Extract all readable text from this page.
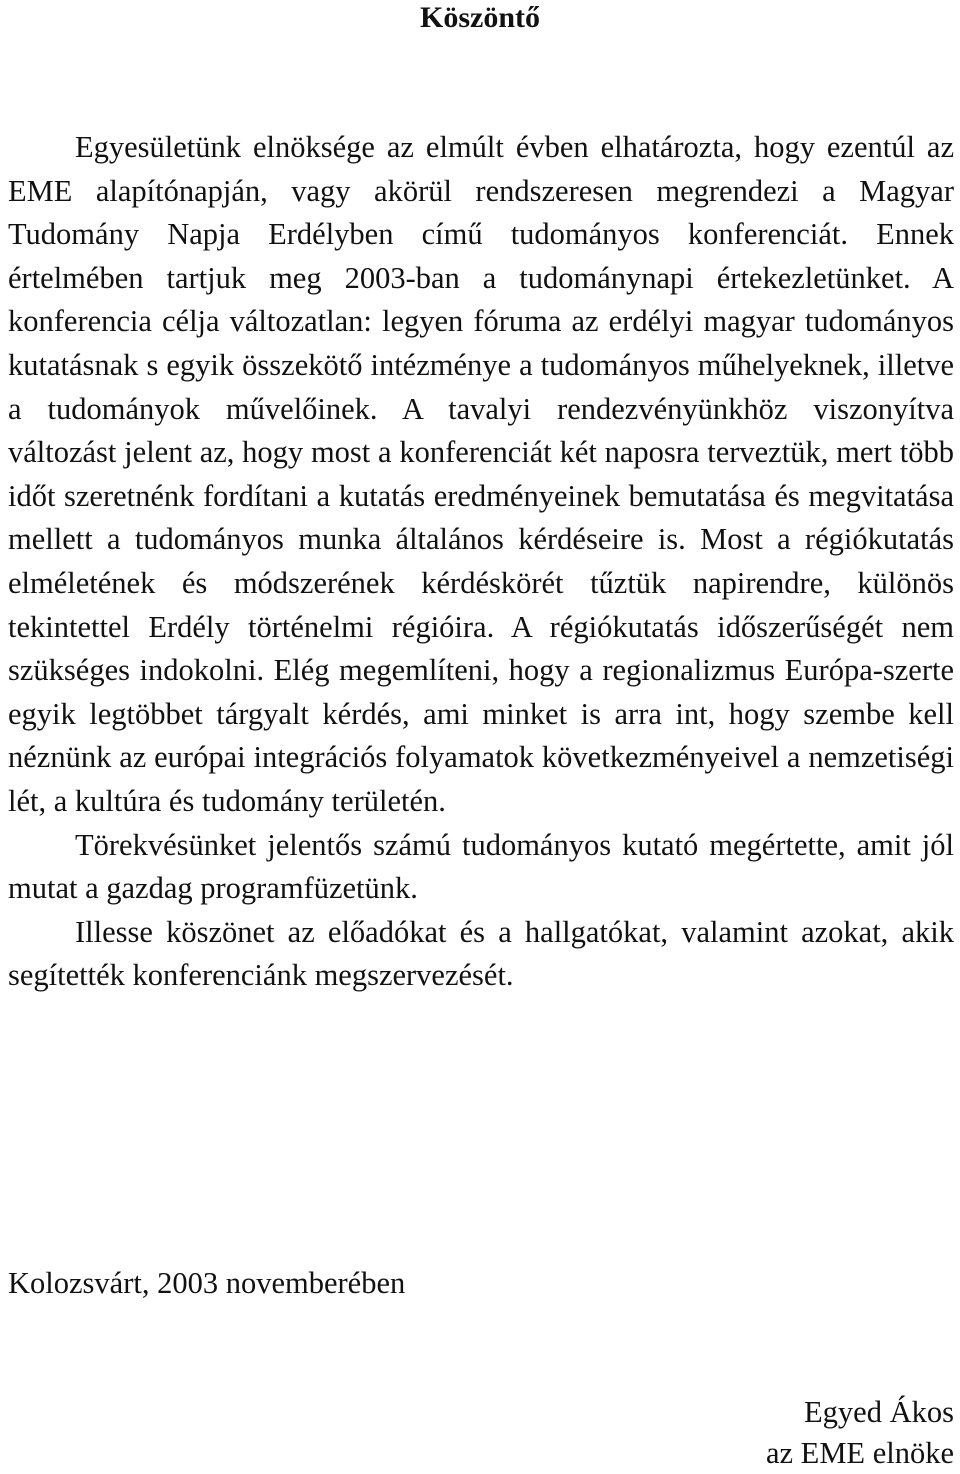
Köszöntő

Egyesületünk elnöksége az elmúlt évben elhatározta, hogy ezentúl az EME alapítónapján, vagy akörül rendszeresen megrendezi a Magyar Tudomány Napja Erdélyben című tudományos konferenciát. Ennek értelmében tartjuk meg 2003-ban a tudománynapi értekezletünket. A konferencia célja változatlan: legyen fóruma az erdélyi magyar tudományos kutatásnak s egyik összekötő intézménye a tudományos műhelyeknek, illetve a tudományok művelőinek. A tavalyi rendezvényünkhöz viszonyítva változást jelent az, hogy most a konferenciát két naposra terveztük, mert több időt szeretnénk fordítani a kutatás eredményeinek bemutatása és megvitatása mellett a tudományos munka általános kérdéseire is. Most a régiókutatás elméletének és módszerének kérdéskörét tűztük napirendre, különös tekintettel Erdély történelmi régióira. A régiókutatás időszerűségét nem szükséges indokolni. Elég megemlíteni, hogy a regionalizmus Európa-szerte egyik legtöbbet tárgyalt kérdés, ami minket is arra int, hogy szembe kell néznünk az európai integrációs folyamatok következményeivel a nemzetiségi lét, a kultúra és tudomány területén.

Törekvésünket jelentős számú tudományos kutató megértette, amit jól mutat a gazdag programfüzetünk.

Illesse köszönet az előadókat és a hallgatókat, valamint azokat, akik segítették konferenciánk megszervezését.

Kolozsvárt, 2003 novemberében

Egyed Ákos
az EME elnöke
